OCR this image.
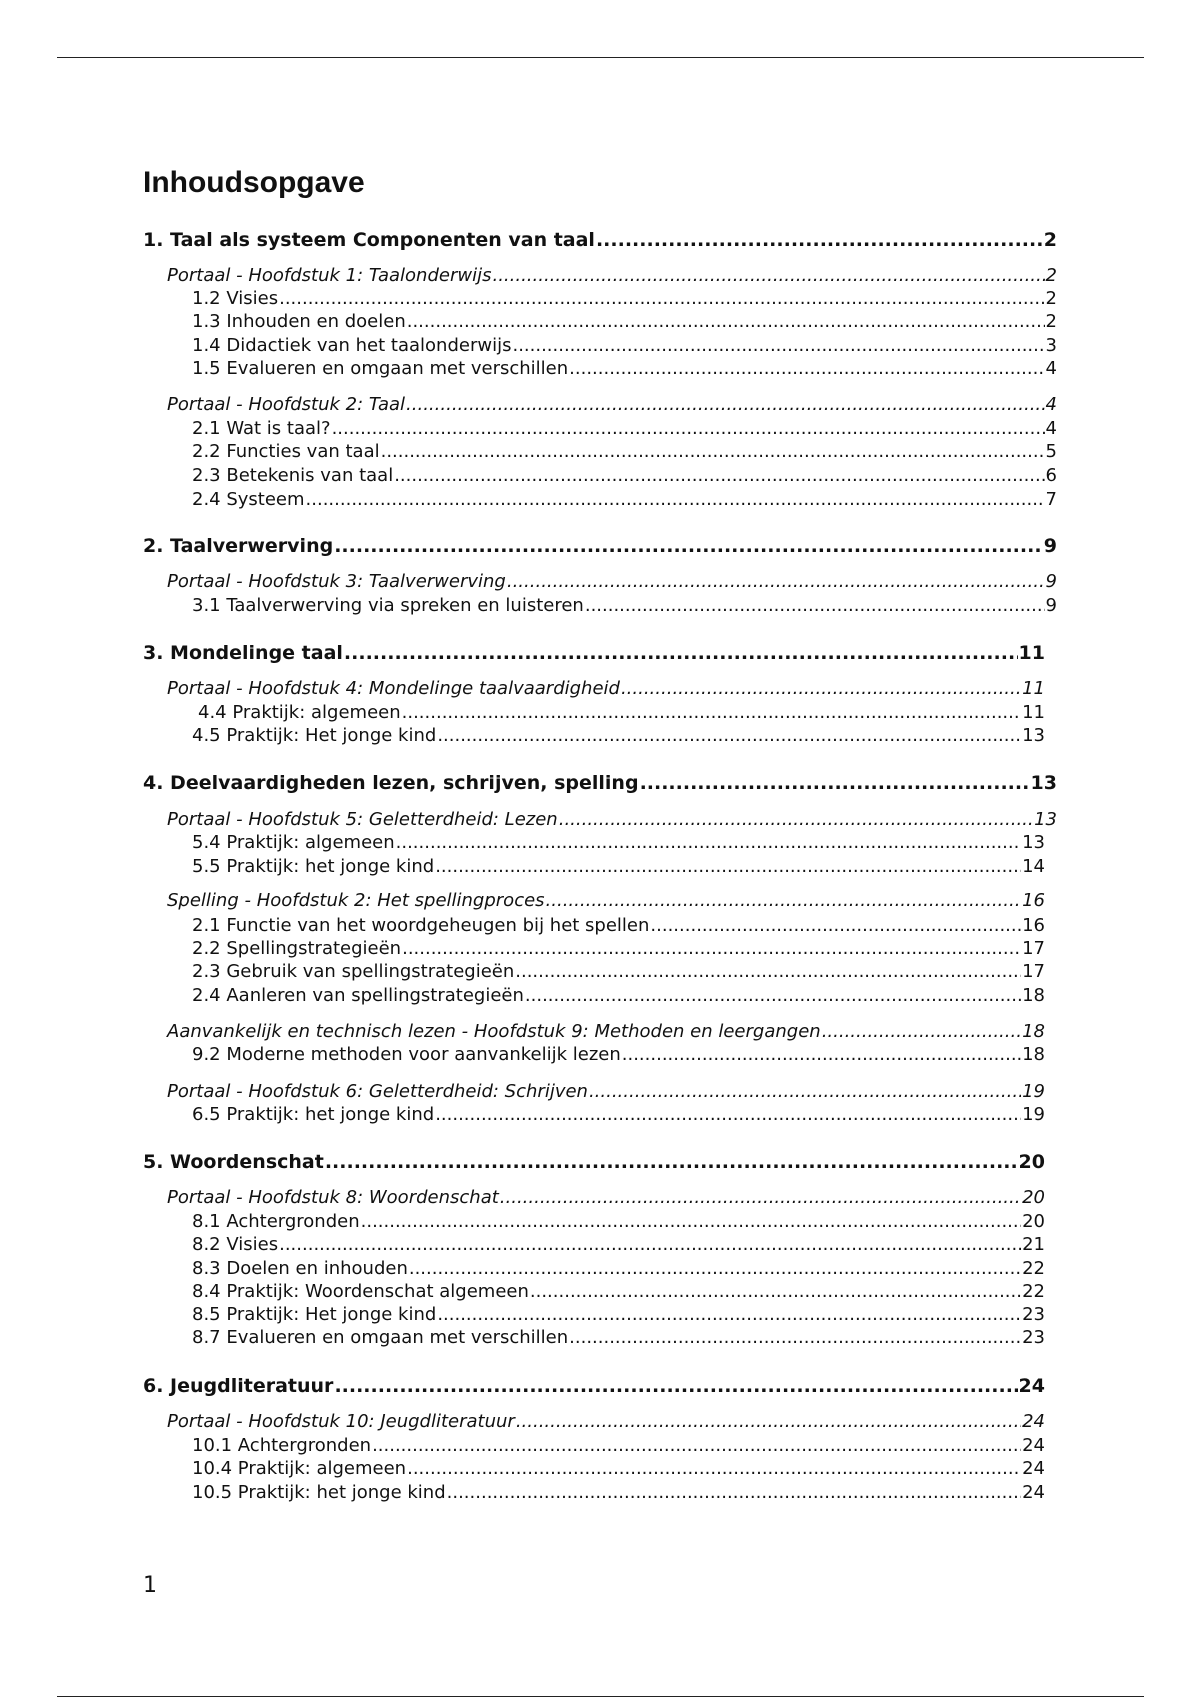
Inhoudsopgave
1. Taal als systeem Componenten van taal .....	2
Portaal - Hoofdstuk 1: Taalonderwijs .....	2
1.2 Visies .....	2
1.3 Inhouden en doelen .....	2
1.4 Didactiek van het taalonderwijs .....	3
1.5 Evalueren en omgaan met verschillen .....	4
Portaal - Hoofdstuk 2: Taal .....	4
2.1 Wat is taal? .....	4
2.2 Functies van taal .....	5
2.3 Betekenis van taal .....	6
2.4 Systeem .....	7
2. Taalverwerving .....	9
Portaal - Hoofdstuk 3: Taalverwerving .....	9
3.1 Taalverwerving via spreken en luisteren .....	9
3. Mondelinge taal .....	11
Portaal - Hoofdstuk 4: Mondelinge taalvaardigheid .....	11
4.4 Praktijk: algemeen .....	11
4.5 Praktijk: Het jonge kind .....	13
4. Deelvaardigheden lezen, schrijven, spelling .....	13
Portaal - Hoofdstuk 5: Geletterdheid: Lezen .....	13
5.4 Praktijk: algemeen .....	13
5.5 Praktijk: het jonge kind .....	14
Spelling - Hoofdstuk 2: Het spellingproces .....	16
2.1 Functie van het woordgeheugen bij het spellen .....	16
2.2 Spellingstrategieën .....	17
2.3 Gebruik van spellingstrategieën .....	17
2.4 Aanleren van spellingstrategieën .....	18
Aanvankelijk en technisch lezen - Hoofdstuk 9: Methoden en leergangen .....	18
9.2 Moderne methoden voor aanvankelijk lezen .....	18
Portaal - Hoofdstuk 6: Geletterdheid: Schrijven .....	19
6.5 Praktijk: het jonge kind .....	19
5. Woordenschat .....	20
Portaal - Hoofdstuk 8: Woordenschat .....	20
8.1 Achtergronden .....	20
8.2 Visies .....	21
8.3 Doelen en inhouden .....	22
8.4 Praktijk: Woordenschat algemeen .....	22
8.5 Praktijk: Het jonge kind .....	23
8.7 Evalueren en omgaan met verschillen .....	23
6. Jeugdliteratuur .....	24
Portaal - Hoofdstuk 10: Jeugdliteratuur .....	24
10.1 Achtergronden .....	24
10.4 Praktijk: algemeen .....	24
10.5 Praktijk: het jonge kind .....	24
1
